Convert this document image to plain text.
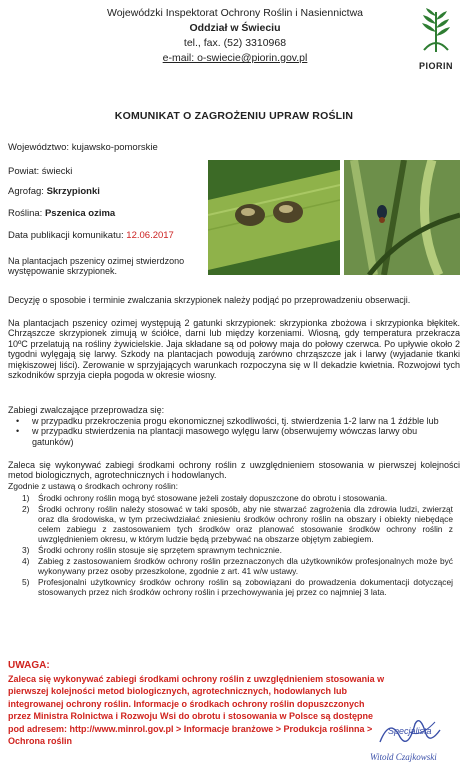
Wojewódzki Inspektorat Ochrony Roślin i Nasiennictwa
Oddział w Świeciu
tel., fax. (52) 3310968
e-mail: o-swiecie@piorin.gov.pl
PIORIN
KOMUNIKAT O ZAGROŻENIU UPRAW ROŚLIN
Województwo: kujawsko-pomorskie
Powiat: świecki
Agrofag: Skrzypionki
Roślina: Pszenica ozima
Data publikacji komunikatu: 12.06.2017

Na plantacjach pszenicy ozimej stwierdzono występowanie skrzypionek.

Decyzję o sposobie i terminie zwalczania skrzypionek należy podjąć po przeprowadzeniu obserwacji.

Na plantacjach pszenicy ozimej występują 2 gatunki skrzypionek: skrzypionka zbożowa i skrzypionka błękitek. Chrząszcze skrzypionek zimują w ściółce, darni lub między korzeniami. Wiosną, gdy temperatura przekracza 10ºC przelatują na rośliny żywicielskie. Jaja składane są od połowy maja do połowy czerwca. Po upływie około 2 tygodni wylęgają się larwy. Szkody na plantacjach powodują zarówno chrząszcze jak i larwy (wyjadanie tkanki miękiszowej liści). Zerowanie w sprzyjających warunkach rozpoczyna się w II dekadzie kwietnia. Rozwojowi tych szkodników sprzyja ciepła pogoda w okresie wiosny.

Zabiegi zwalczające przeprowadza się:

• w przypadku przekroczenia progu ekonomicznej szkodliwości, tj. stwierdzenia 1-2 larw na 1 źdźble lub
• w przypadku stwierdzenia na plantacji masowego wylęgu larw (obserwujemy wówczas larwy obu gatunków)

Zaleca się wykonywać zabiegi środkami ochrony roślin z uwzględnieniem stosowania w pierwszej kolejności metod biologicznych, agrotechnicznych i hodowlanych.

Zgodnie z ustawą o środkach ochrony roślin:

1) Środki ochrony roślin mogą być stosowane jeżeli zostały dopuszczone do obrotu i stosowania.
2) Środki ochrony roślin należy stosować w taki sposób, aby nie stwarzać zagrożenia dla zdrowia ludzi, zwierząt oraz dla środowiska, w tym przeciwdziałać zniesieniu środków ochrony roślin na obszary i obiekty niebędące celem zabiegu z zastosowaniem tych środków oraz planować stosowanie środków ochrony roślin z uwzględnieniem okresu, w którym ludzie będą przebywać na obszarze objętym zabiegiem.
3) Środki ochrony roślin stosuje się sprzętem sprawnym technicznie.
4) Zabieg z zastosowaniem środków ochrony roślin przeznaczonych dla użytkowników profesjonalnych może być wykonywany przez osoby przeszkolone, zgodnie z art. 41 w/w ustawy.
5) Profesjonalni użytkownicy środków ochrony roślin są zobowiązani do prowadzenia dokumentacji dotyczącej stosowanych przez nich środków ochrony roślin i przechowywania jej przez co najmniej 3 lata.
UWAGA:
Zaleca się wykonywać zabiegi środkami ochrony roślin z uwzględnieniem stosowania w pierwszej kolejności metod biologicznych, agrotechnicznych, hodowlanych lub integrowanej ochrony roślin. Informacje o środkach ochrony roślin dopuszczonych przez Ministra Rolnictwa i Rozwoju Wsi do obrotu i stosowania w Polsce są dostępne pod adresem: http://www.minrol.gov.pl > Informacje branżowe > Produkcja roślinna > Ochrona roślin
Specjalista
Witold Czajkowski
